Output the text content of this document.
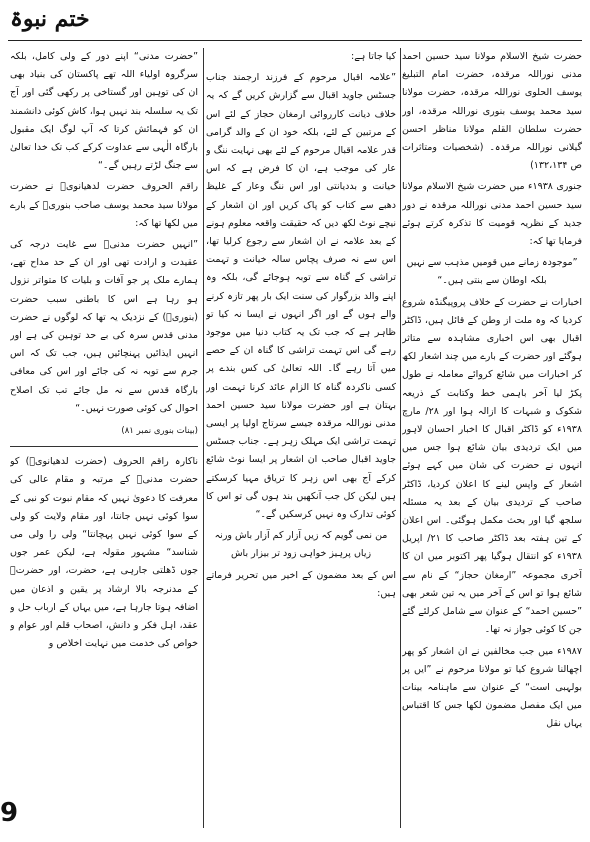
ختم نبوۃ

حضرت شیخ الاسلام مولانا سید حسین احمد مدنی نوراللہ مرقدہ، حضرت امام التبلیغ یوسف الحلوی نوراللہ مرقدہ، حضرت مولانا سید محمد یوسف بنوری نوراللہ مرقدہ، اور حضرت سلطان القلم مولانا مناظر احسن گیلانی نوراللہ مرقدہ۔ (شخصیات ومتاثرات ص ۱۳۲،۱۳۴)

جنوری ۱۹۳۸ء میں حضرت شیخ الاسلام مولانا سید حسین احمد مدنی نوراللہ مرقدہ نے دور جدید کے نظریہ قومیت کا تذکرہ کرتے ہوئے فرمایا تھا کہ:

”موجودہ زمانے میں قومیں مذہب سے نہیں بلکہ اوطان سے بنتی ہیں۔“

اخبارات نے حضرت کے خلاف پروپیگنڈہ شروع کردیا کہ وہ ملت از وطن کے قائل ہیں، ڈاکٹر اقبال بھی اس اخباری مشاہدہ سے متاثر ہوگئے اور حضرت کے بارے میں چند اشعار لکھ کر اخبارات میں شائع کروائے معاملہ نے طول پکڑ لیا آخر باہمی خط وکتابت کے ذریعہ شکوک و شبہات کا ازالہ ہوا اور ۲۸/ مارچ ۱۹۳۸ء کو ڈاکٹر اقبال کا اخبار احسان لاہور میں ایک تردیدی بیان شائع ہوا جس میں انہوں نے حضرت کی شان میں کہے ہوئے اشعار کے واپس لینے کا اعلان کردیا، ڈاکٹر صاحب کے تردیدی بیان کے بعد یہ مسئلہ سلجھ گیا اور بحث مکمل ہوگئی۔ اس اعلان کے تین ہفتہ بعد ڈاکٹر صاحب کا ۲۱/ اپریل ۱۹۳۸ء کو انتقال ہوگیا پھر اکتوبر میں ان کا آخری مجموعہ ”ارمغان حجاز“ کے نام سے شائع ہوا تو اس کے آخر میں یہ تین شعر بھی ”حسین احمد“ کے عنوان سے شامل کرلئے گئے جن کا کوئی جواز نہ تھا۔

۱۹۸۷ء میں جب مخالفین نے ان اشعار کو پھر اچھالنا شروع کیا تو مولانا مرحوم نے ”ایں پر بولہبی است“ کے عنوان سے ماہنامہ بینات میں ایک مفصل مضمون لکھا جس کا اقتباس یہاں نقل

کیا جاتا ہے:

”علامہ اقبال مرحوم کے فرزند ارجمند جناب جسٹس جاوید اقبال سے گزارش کریں گے کہ یہ خلاف دیانت کارروائی ارمغان حجاز کے لئے اس کے مرتبین کے لئے، بلکہ خود ان کے والد گرامی قدر علامہ اقبال مرحوم کے لئے بھی نہایت ننگ و عار کی موجب ہے، ان کا فرض ہے کہ اس خیانت و بددیانتی اور اس ننگ وعار کے غلیظ دھبے سے کتاب کو پاک کریں اور ان اشعار کے نیچے نوٹ لکھ دیں کہ حقیقت واقعہ معلوم ہونے کے بعد علامہ نے ان اشعار سے رجوع کرلیا تھا، اس سے نہ صرف پچاس سالہ خیانت و تہمت تراشی کے گناہ سے توبہ ہوجائے گی، بلکہ وہ اپنے والد بزرگوار کی سنت ایک بار پھر تازہ کرنے والے ہوں گے اور اگر انہوں نے ایسا نہ کیا تو ظاہر ہے کہ جب تک یہ کتاب دنیا میں موجود رہے گی اس تہمت تراشی کا گناہ ان کے حصے میں آتا رہے گا۔ اللہ تعالیٰ کی کس بندے پر کسی ناکردہ گناہ کا الزام عائد کرنا تہمت اور بہتان ہے اور حضرت مولانا سید حسین احمد مدنی نوراللہ مرقدہ جیسے سرتاج اولیا پر ایسی تہمت تراشی ایک مہلک زہر ہے۔ جناب جسٹس جاوید اقبال صاحب ان اشعار پر ایسا نوٹ شائع کرکے آج بھی اس زہر کا تریاق مہیا کرسکتے ہیں لیکن کل جب آنکھیں بند ہوں گی تو اس کا کوئی تدارک وہ نہیں کرسکیں گے۔“

من نمی گویم کہ زیں آزار کم آزار باش ورنہ زیاں پرہیز خواہی زود تر بیزار باش

اس کے بعد مضمون کے اخیر میں تحریر فرماتے ہیں:

”حضرت مدنی“ اپنے دور کے ولی کامل، بلکہ سرگروہ اولیاء اللہ تھے پاکستان کی بنیاد بھی ان کی توہین اور گستاخی پر رکھی گئی اور آج تک یہ سلسلہ بند نہیں ہوا، کاش کوئی دانشمند ان کو فہمائش کرتا کہ آپ لوگ ایک مقبول بارگاہ الٰہی سے عداوت کرکے کب تک خدا تعالیٰ سے جنگ لڑتے رہیں گے۔“

راقم الحروف حضرت لدھیانویؒ نے حضرت مولانا سید محمد یوسف صاحب بنوریؒ کے بارے میں لکھا تھا کہ:

”انہیں حضرت مدنیؒ سے غایت درجہ کی عقیدت و ارادت تھی اور ان کے حد مداح تھے، ہمارے ملک پر جو آفات و بلیات کا متواتر نزول ہو رہا ہے اس کا باطنی سبب حضرت (بنوریؒ) کے نزدیک یہ تھا کہ لوگوں نے حضرت مدنی قدس سرہ کی بے حد توہین کی ہے اور انہیں ایذائیں پہنچائیں ہیں، جب تک کہ اس جرم سے توبہ نہ کی جائے اور اس کی معافی بارگاہ قدس سے نہ مل جائے تب تک اصلاح احوال کی کوئی صورت نہیں۔“

(بینات بنوری نمبر ۸۱)

ناکارہ راقم الحروف (حضرت لدھیانویؒ) کو حضرت مدنیؒ کے مرتبہ و مقام عالی کی معرفت کا دعویٰ نہیں کہ مقام نبوت کو نبی کے سوا کوئی نہیں جانتا، اور مقام ولایت کو ولی کے سوا کوئی نہیں پہچانتا“ ولی را ولی می شناسد“ مشہور مقولہ ہے، لیکن عمر جوں جوں ڈھلتی جارہی ہے، حضرت، اور حضرتؒ کے مدنرجہ بالا ارشاد پر یقین و اذعان میں اضافہ ہوتا جارہا ہے، میں یہاں کے ارباب حل و عقد، اہل فکر و دانش، اصحاب قلم اور عوام و خواص کی خدمت میں نہایت اخلاص و

9
